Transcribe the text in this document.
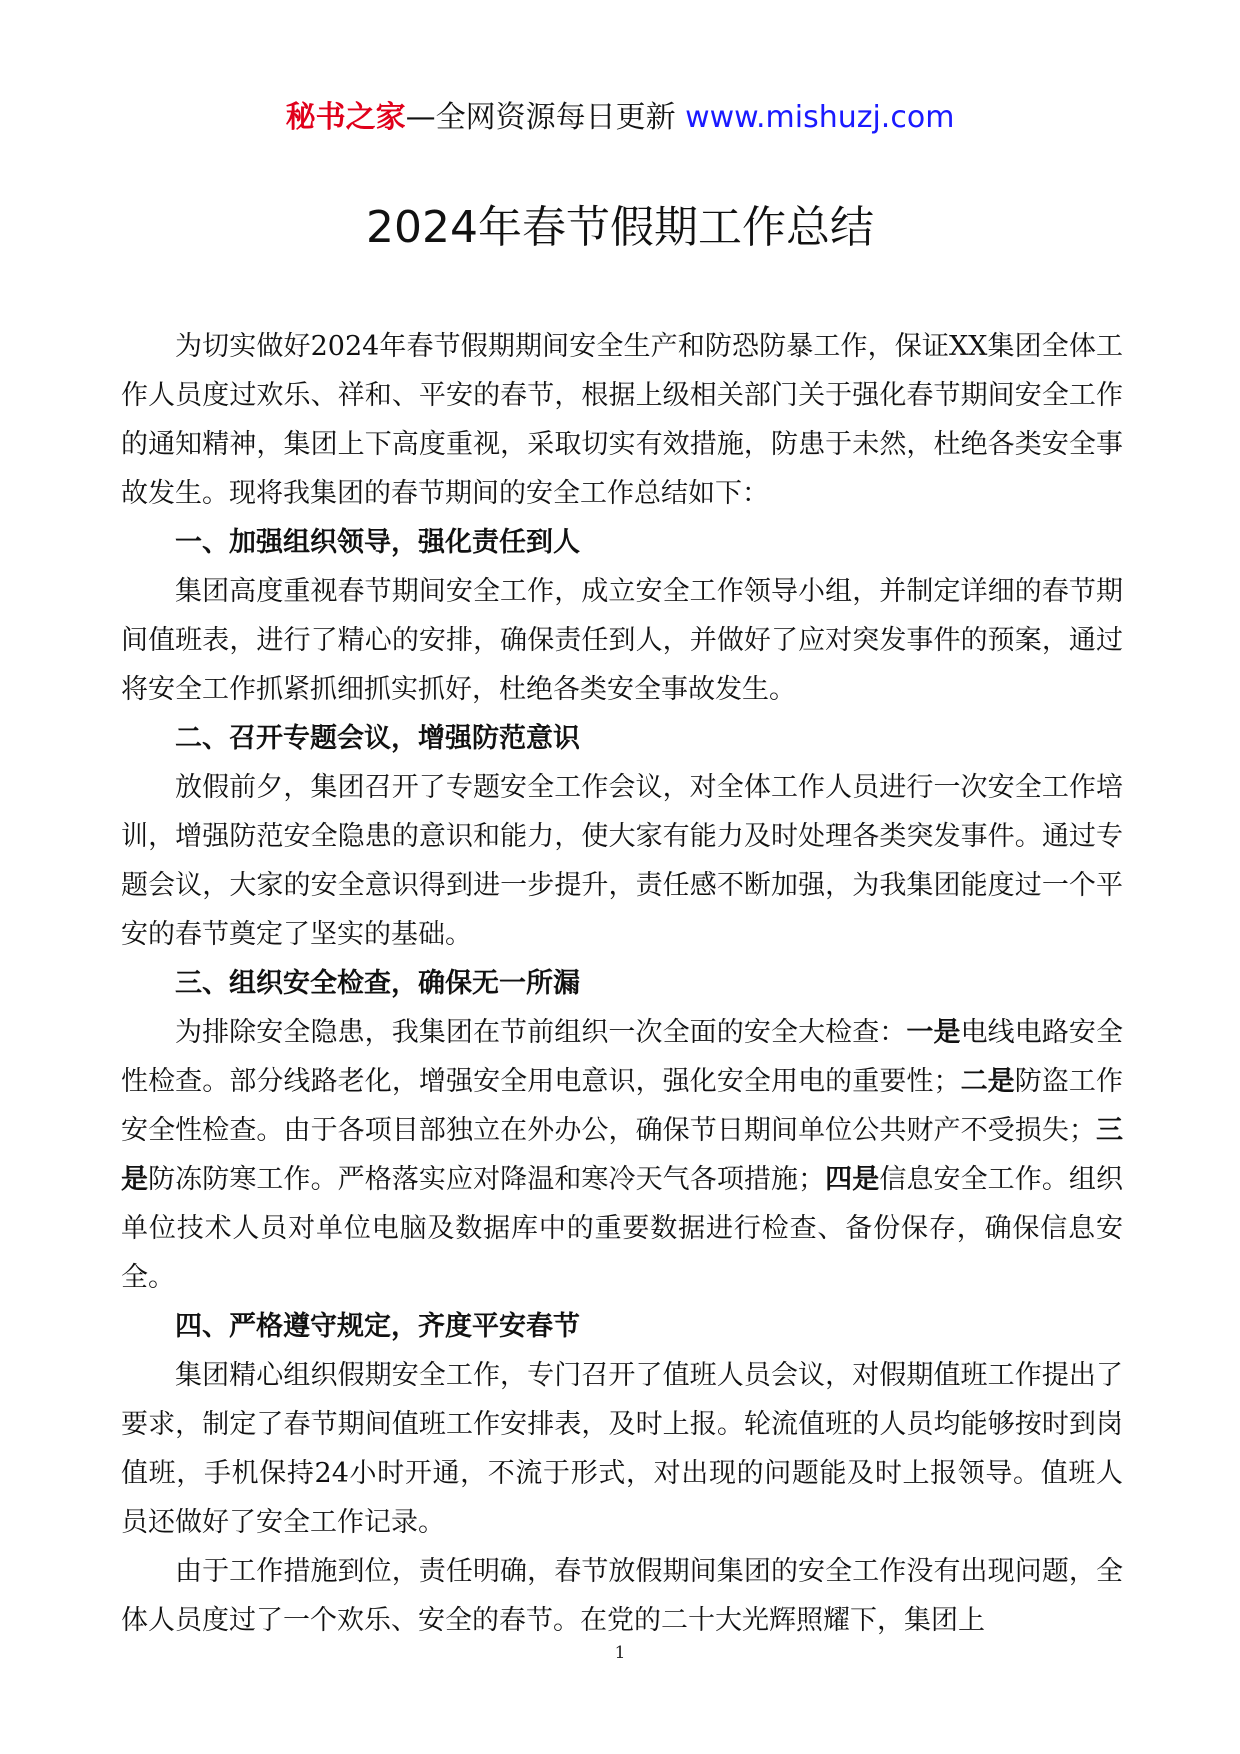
秘书之家—全网资源每日更新 www.mishuzj.com
2024年春节假期工作总结

为切实做好2024年春节假期期间安全生产和防恐防暴工作，保证XX集团全体工作人员度过欢乐、祥和、平安的春节，根据上级相关部门关于强化春节期间安全工作的通知精神，集团上下高度重视，采取切实有效措施，防患于未然，杜绝各类安全事故发生。现将我集团的春节期间的安全工作总结如下：

一、加强组织领导，强化责任到人

集团高度重视春节期间安全工作，成立安全工作领导小组，并制定详细的春节期间值班表，进行了精心的安排，确保责任到人，并做好了应对突发事件的预案，通过将安全工作抓紧抓细抓实抓好，杜绝各类安全事故发生。

二、召开专题会议，增强防范意识

放假前夕，集团召开了专题安全工作会议，对全体工作人员进行一次安全工作培训，增强防范安全隐患的意识和能力，使大家有能力及时处理各类突发事件。通过专题会议，大家的安全意识得到进一步提升，责任感不断加强，为我集团能度过一个平安的春节奠定了坚实的基础。

三、组织安全检查，确保无一所漏

为排除安全隐患，我集团在节前组织一次全面的安全大检查：一是电线电路安全性检查。部分线路老化，增强安全用电意识，强化安全用电的重要性；二是防盗工作安全性检查。由于各项目部独立在外办公，确保节日期间单位公共财产不受损失；三是防冻防寒工作。严格落实应对降温和寒冷天气各项措施；四是信息安全工作。组织单位技术人员对单位电脑及数据库中的重要数据进行检查、备份保存，确保信息安全。

四、严格遵守规定，齐度平安春节

集团精心组织假期安全工作，专门召开了值班人员会议，对假期值班工作提出了要求，制定了春节期间值班工作安排表，及时上报。轮流值班的人员均能够按时到岗值班，手机保持24小时开通，不流于形式，对出现的问题能及时上报领导。值班人员还做好了安全工作记录。

由于工作措施到位，责任明确，春节放假期间集团的安全工作没有出现问题，全体人员度过了一个欢乐、安全的春节。在党的二十大光辉照耀下，集团上

1
